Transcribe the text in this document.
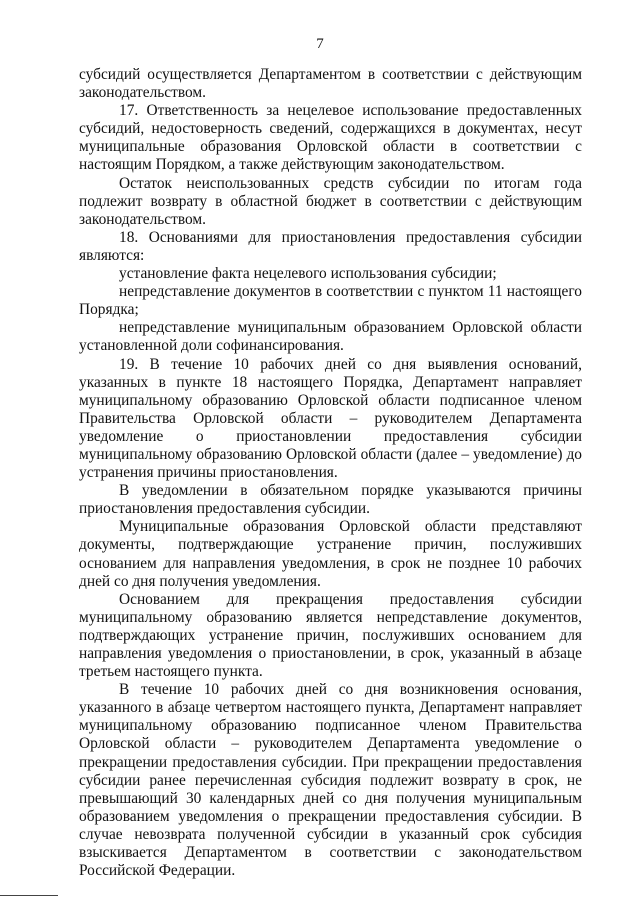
7

субсидий осуществляется Департаментом в соответствии с действующим законодательством.

17. Ответственность за нецелевое использование предоставленных субсидий, недостоверность сведений, содержащихся в документах, несут муниципальные образования Орловской области в соответствии с настоящим Порядком, а также действующим законодательством.

Остаток неиспользованных средств субсидии по итогам года подлежит возврату в областной бюджет в соответствии с действующим законодательством.

18. Основаниями для приостановления предоставления субсидии являются:

установление факта нецелевого использования субсидии;

непредставление документов в соответствии с пунктом 11 настоящего Порядка;

непредставление муниципальным образованием Орловской области установленной доли софинансирования.

19. В течение 10 рабочих дней со дня выявления оснований, указанных в пункте 18 настоящего Порядка, Департамент направляет муниципальному образованию Орловской области подписанное членом Правительства Орловской области – руководителем Департамента уведомление о приостановлении предоставления субсидии муниципальному образованию Орловской области (далее – уведомление) до устранения причины приостановления.

В уведомлении в обязательном порядке указываются причины приостановления предоставления субсидии.

Муниципальные образования Орловской области представляют документы, подтверждающие устранение причин, послуживших основанием для направления уведомления, в срок не позднее 10 рабочих дней со дня получения уведомления.

Основанием для прекращения предоставления субсидии муниципальному образованию является непредставление документов, подтверждающих устранение причин, послуживших основанием для направления уведомления о приостановлении, в срок, указанный в абзаце третьем настоящего пункта.

В течение 10 рабочих дней со дня возникновения основания, указанного в абзаце четвертом настоящего пункта, Департамент направляет муниципальному образованию подписанное членом Правительства Орловской области – руководителем Департамента уведомление о прекращении предоставления субсидии. При прекращении предоставления субсидии ранее перечисленная субсидия подлежит возврату в срок, не превышающий 30 календарных дней со дня получения муниципальным образованием уведомления о прекращении предоставления субсидии. В случае невозврата полученной субсидии в указанный срок субсидия взыскивается Департаментом в соответствии с законодательством Российской Федерации.
